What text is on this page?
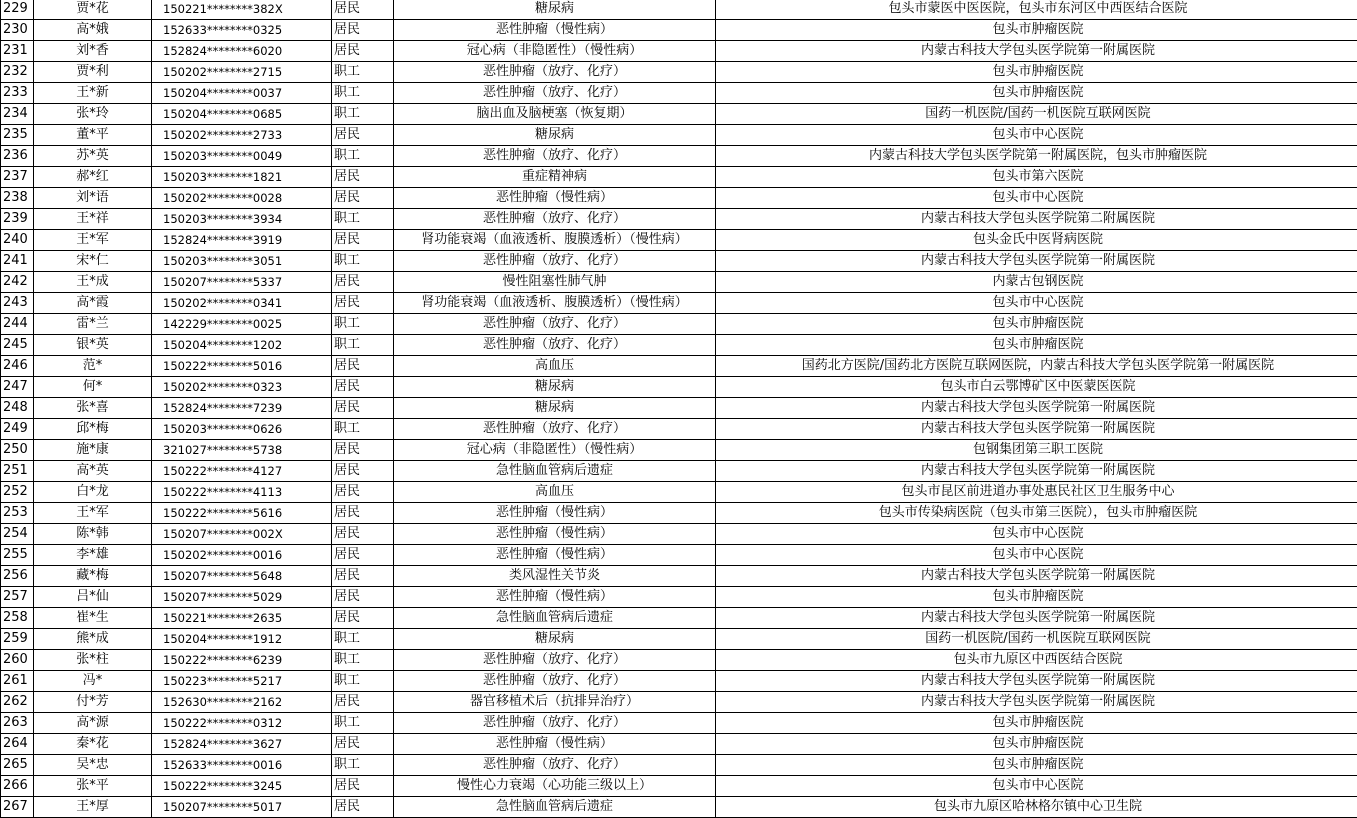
229	贾*花	150221********382X	居民	糖尿病	包头市蒙医中医医院，包头市东河区中西医结合医院
230	高*娥	152633********0325	居民	恶性肿瘤（慢性病）	包头市肿瘤医院
231	刘*香	152824********6020	居民	冠心病（非隐匿性）（慢性病）	内蒙古科技大学包头医学院第一附属医院
232	贾*利	150202********2715	职工	恶性肿瘤（放疗、化疗）	包头市肿瘤医院
233	王*新	150204********0037	职工	恶性肿瘤（放疗、化疗）	包头市肿瘤医院
234	张*玲	150204********0685	职工	脑出血及脑梗塞（恢复期）	国药一机医院/国药一机医院互联网医院
235	董*平	150202********2733	居民	糖尿病	包头市中心医院
236	苏*英	150203********0049	职工	恶性肿瘤（放疗、化疗）	内蒙古科技大学包头医学院第一附属医院，包头市肿瘤医院
237	郝*红	150203********1821	居民	重症精神病	包头市第六医院
238	刘*语	150202********0028	居民	恶性肿瘤（慢性病）	包头市中心医院
239	王*祥	150203********3934	职工	恶性肿瘤（放疗、化疗）	内蒙古科技大学包头医学院第二附属医院
240	王*军	152824********3919	居民	肾功能衰竭（血液透析、腹膜透析）（慢性病）	包头金氏中医肾病医院
241	宋*仁	150203********3051	职工	恶性肿瘤（放疗、化疗）	内蒙古科技大学包头医学院第一附属医院
242	王*成	150207********5337	居民	慢性阻塞性肺气肿	内蒙古包钢医院
243	高*霞	150202********0341	居民	肾功能衰竭（血液透析、腹膜透析）（慢性病）	包头市中心医院
244	雷*兰	142229********0025	职工	恶性肿瘤（放疗、化疗）	包头市肿瘤医院
245	银*英	150204********1202	职工	恶性肿瘤（放疗、化疗）	包头市肿瘤医院
246	范*	150222********5016	居民	高血压	国药北方医院/国药北方医院互联网医院，内蒙古科技大学包头医学院第一附属医院
247	何*	150202********0323	居民	糖尿病	包头市白云鄂博矿区中医蒙医医院
248	张*喜	152824********7239	居民	糖尿病	内蒙古科技大学包头医学院第一附属医院
249	邱*梅	150203********0626	职工	恶性肿瘤（放疗、化疗）	内蒙古科技大学包头医学院第一附属医院
250	施*康	321027********5738	居民	冠心病（非隐匿性）（慢性病）	包钢集团第三职工医院
251	高*英	150222********4127	居民	急性脑血管病后遗症	内蒙古科技大学包头医学院第一附属医院
252	白*龙	150222********4113	居民	高血压	包头市昆区前进道办事处惠民社区卫生服务中心
253	王*军	150222********5616	居民	恶性肿瘤（慢性病）	包头市传染病医院（包头市第三医院），包头市肿瘤医院
254	陈*韩	150207********002X	居民	恶性肿瘤（慢性病）	包头市中心医院
255	李*雄	150202********0016	居民	恶性肿瘤（慢性病）	包头市中心医院
256	藏*梅	150207********5648	居民	类风湿性关节炎	内蒙古科技大学包头医学院第一附属医院
257	吕*仙	150207********5029	居民	恶性肿瘤（慢性病）	包头市肿瘤医院
258	崔*生	150221********2635	居民	急性脑血管病后遗症	内蒙古科技大学包头医学院第一附属医院
259	熊*成	150204********1912	职工	糖尿病	国药一机医院/国药一机医院互联网医院
260	张*柱	150222********6239	职工	恶性肿瘤（放疗、化疗）	包头市九原区中西医结合医院
261	冯*	150223********5217	职工	恶性肿瘤（放疗、化疗）	内蒙古科技大学包头医学院第一附属医院
262	付*芳	152630********2162	居民	器官移植术后（抗排异治疗）	内蒙古科技大学包头医学院第一附属医院
263	高*源	150222********0312	职工	恶性肿瘤（放疗、化疗）	包头市肿瘤医院
264	秦*花	152824********3627	居民	恶性肿瘤（慢性病）	包头市肿瘤医院
265	吴*忠	152633********0016	职工	恶性肿瘤（放疗、化疗）	包头市肿瘤医院
266	张*平	150222********3245	居民	慢性心力衰竭（心功能三级以上）	包头市中心医院
267	王*厚	150207********5017	居民	急性脑血管病后遗症	包头市九原区哈林格尔镇中心卫生院
